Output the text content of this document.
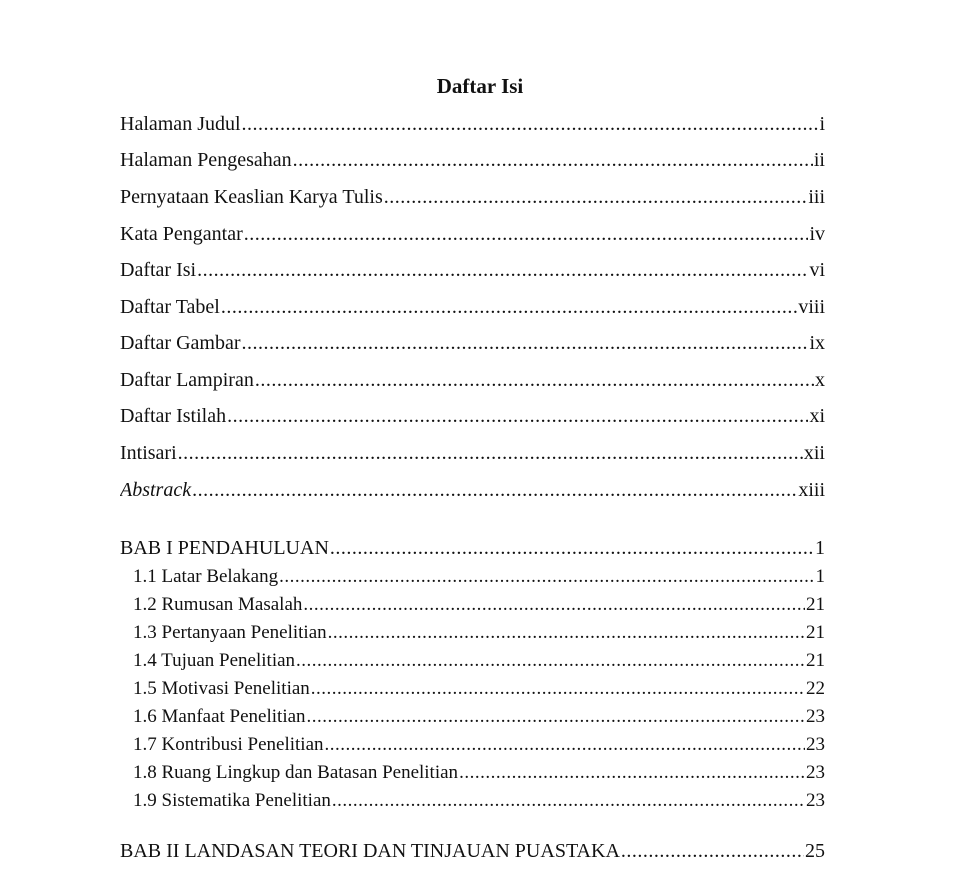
Daftar Isi
Halaman Judul .....	i
Halaman Pengesahan .....	ii
Pernyataan Keaslian Karya Tulis .....	iii
Kata Pengantar .....	iv
Daftar Isi .....	vi
Daftar Tabel .....	viii
Daftar Gambar .....	ix
Daftar Lampiran .....	x
Daftar Istilah .....	xi
Intisari .....	xii
Abstrack .....	xiii
BAB I PENDAHULUAN .....	1
1.1 Latar Belakang .....	1
1.2 Rumusan Masalah .....	21
1.3 Pertanyaan Penelitian .....	21
1.4 Tujuan Penelitian .....	21
1.5 Motivasi Penelitian .....	22
1.6 Manfaat Penelitian .....	23
1.7 Kontribusi Penelitian .....	23
1.8 Ruang Lingkup dan Batasan Penelitian .....	23
1.9 Sistematika Penelitian .....	23
BAB II LANDASAN TEORI DAN TINJAUAN PUASTAKA .....	25
